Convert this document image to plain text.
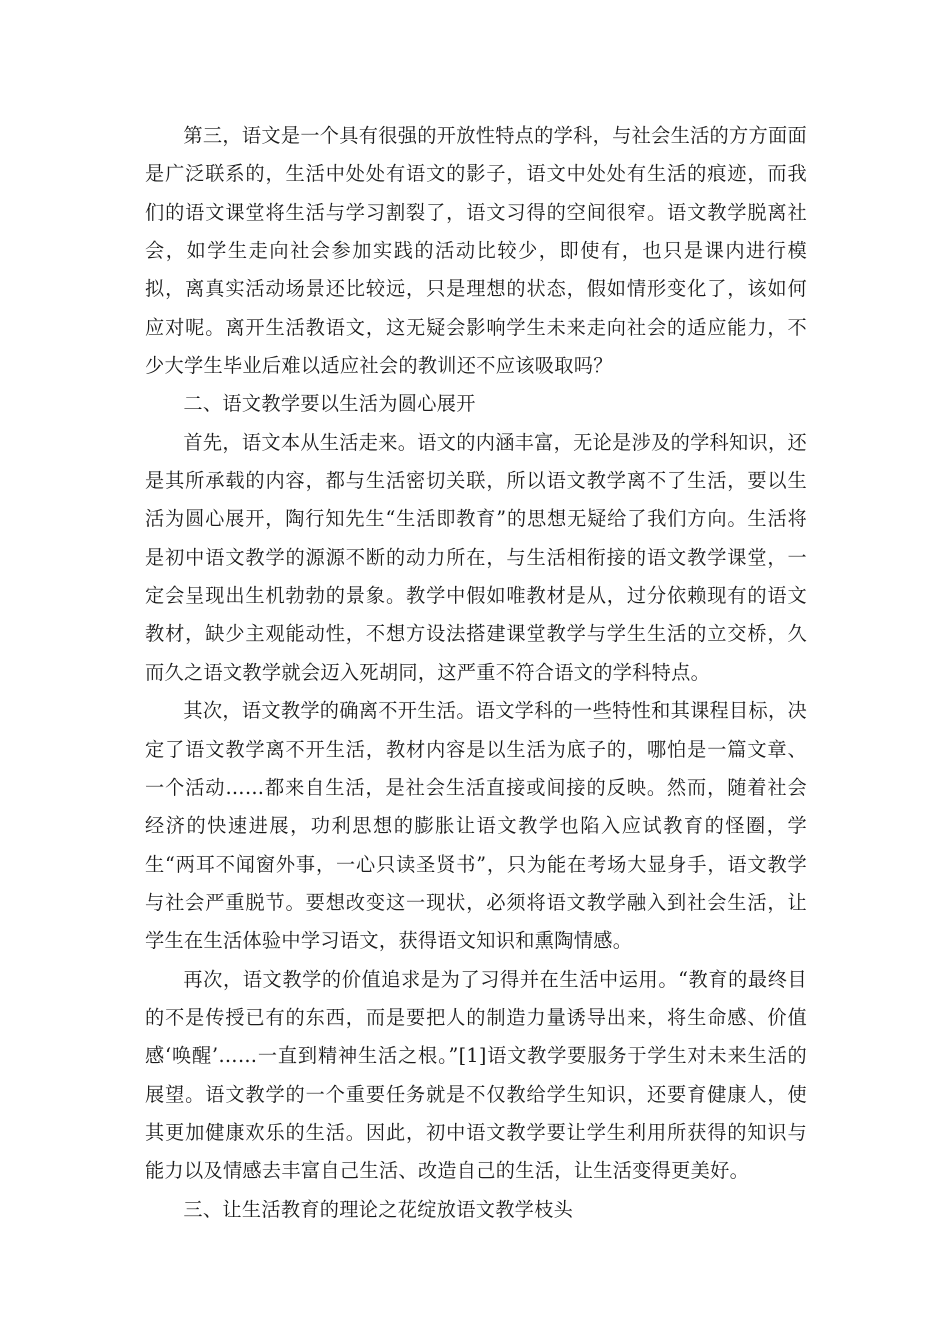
第三，语文是一个具有很强的开放性特点的学科，与社会生活的方方面面是广泛联系的，生活中处处有语文的影子，语文中处处有生活的痕迹，而我们的语文课堂将生活与学习割裂了，语文习得的空间很窄。语文教学脱离社会，如学生走向社会参加实践的活动比较少，即使有，也只是课内进行模拟，离真实活动场景还比较远，只是理想的状态，假如情形变化了，该如何应对呢。离开生活教语文，这无疑会影响学生未来走向社会的适应能力，不少大学生毕业后难以适应社会的教训还不应该吸取吗？

二、语文教学要以生活为圆心展开

首先，语文本从生活走来。语文的内涵丰富，无论是涉及的学科知识，还是其所承载的内容，都与生活密切关联，所以语文教学离不了生活，要以生活为圆心展开，陶行知先生“生活即教育”的思想无疑给了我们方向。生活将是初中语文教学的源源不断的动力所在，与生活相衔接的语文教学课堂，一定会呈现出生机勃勃的景象。教学中假如唯教材是从，过分依赖现有的语文教材，缺少主观能动性，不想方设法搭建课堂教学与学生生活的立交桥，久而久之语文教学就会迈入死胡同，这严重不符合语文的学科特点。

其次，语文教学的确离不开生活。语文学科的一些特性和其课程目标，决定了语文教学离不开生活，教材内容是以生活为底子的，哪怕是一篇文章、一个活动……都来自生活，是社会生活直接或间接的反映。然而，随着社会经济的快速进展，功利思想的膨胀让语文教学也陷入应试教育的怪圈，学生“两耳不闻窗外事，一心只读圣贤书”，只为能在考场大显身手，语文教学与社会严重脱节。要想改变这一现状，必须将语文教学融入到社会生活，让学生在生活体验中学习语文，获得语文知识和熏陶情感。

再次，语文教学的价值追求是为了习得并在生活中运用。“教育的最终目的不是传授已有的东西，而是要把人的制造力量诱导出来，将生命感、价值感‘唤醒’……一直到精神生活之根。”[1]语文教学要服务于学生对未来生活的展望。语文教学的一个重要任务就是不仅教给学生知识，还要育健康人，使其更加健康欢乐的生活。因此，初中语文教学要让学生利用所获得的知识与能力以及情感去丰富自己生活、改造自己的生活，让生活变得更美好。

三、让生活教育的理论之花绽放语文教学枝头
